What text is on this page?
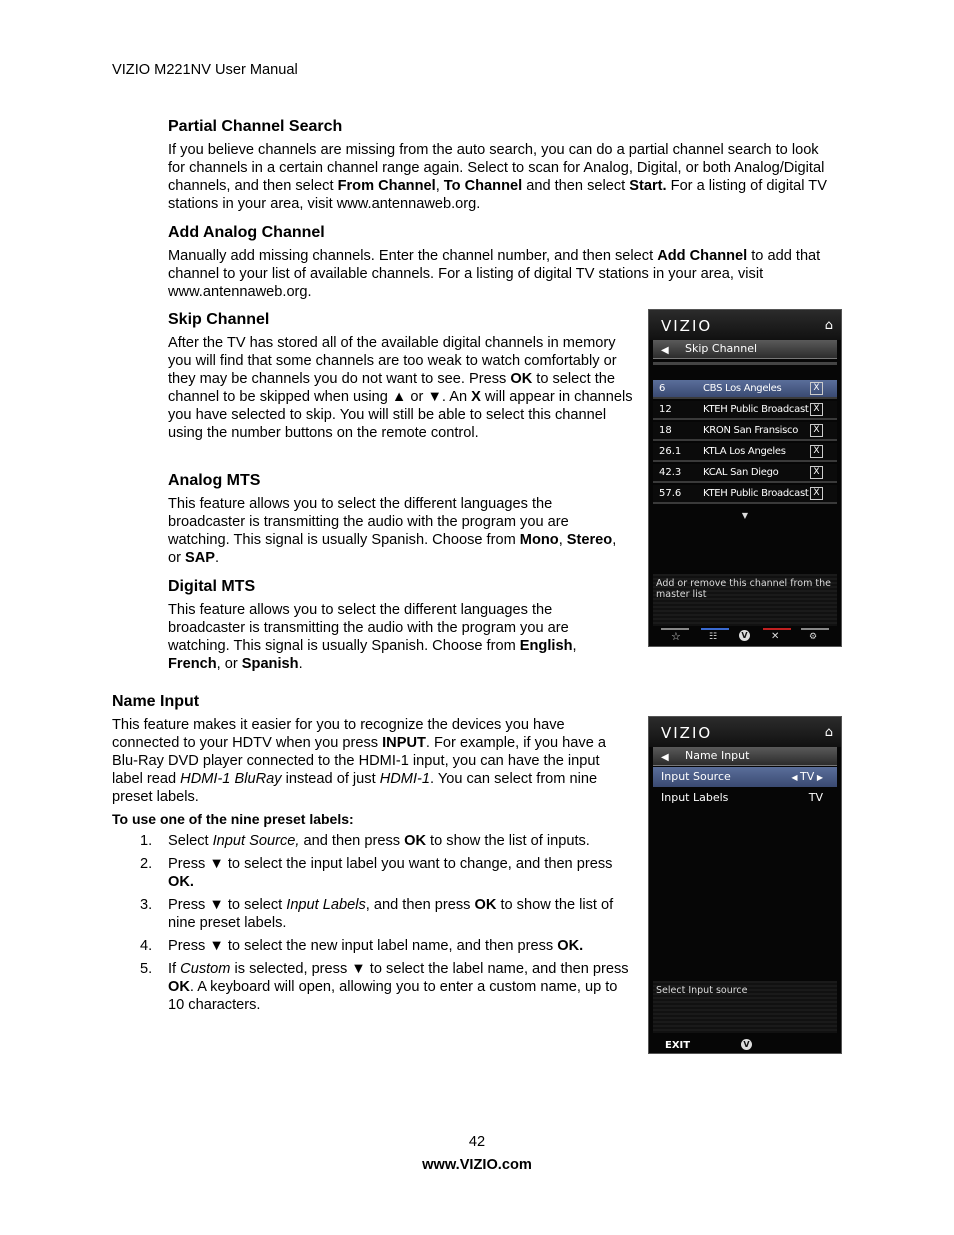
VIZIO M221NV User Manual
Partial Channel Search

If you believe channels are missing from the auto search, you can do a partial channel search to look for channels in a certain channel range again. Select to scan for Analog, Digital, or both Analog/Digital channels, and then select From Channel, To Channel and then select Start. For a listing of digital TV stations in your area, visit www.antennaweb.org.

Add Analog Channel

Manually add missing channels. Enter the channel number, and then select Add Channel to add that channel to your list of available channels. For a listing of digital TV stations in your area, visit www.antennaweb.org.

Skip Channel

After the TV has stored all of the available digital channels in memory you will find that some channels are too weak to watch comfortably or they may be channels you do not want to see. Press OK to select the channel to be skipped when using ▲ or ▼. An X will appear in channels you have selected to skip. You will still be able to select this channel using the number buttons on the remote control.

Analog MTS

This feature allows you to select the different languages the broadcaster is transmitting the audio with the program you are watching. This signal is usually Spanish. Choose from Mono, Stereo, or SAP.

Digital MTS

This feature allows you to select the different languages the broadcaster is transmitting the audio with the program you are watching. This signal is usually Spanish. Choose from English, French, or Spanish.

Name Input

This feature makes it easier for you to recognize the devices you have connected to your HDTV when you press INPUT. For example, if you have a Blu-Ray DVD player connected to the HDMI-1 input, you can have the input label read HDMI-1 BluRay instead of just HDMI-1. You can select from nine preset labels.

To use one of the nine preset labels:

1. Select Input Source, and then press OK to show the list of inputs.
2. Press ▼ to select the input label you want to change, and then press OK.
3. Press ▼ to select Input Labels, and then press OK to show the list of nine preset labels.
4. Press ▼ to select the new input label name, and then press OK.
5. If Custom is selected, press ▼ to select the label name, and then press OK. A keyboard will open, allowing you to enter a custom name, up to 10 characters.
VIZIO	⌂
◀ Skip Channel
6	CBS Los Angeles	X
12	KTEH Public Broadcast X
18	KRON San Fransisco	X
26.1 KTLA Los Angeles	X
42.3 KCAL San Diego	X
57.6 KTEH Public Broadcast X
▼
Add or remove this channel from the master list
☆	☷	V ✕	⚙
VIZIO	⌂
◀ Name Input
Input Source	◀ TV ▶
Input Labels	TV
Select Input source
EXIT	V
42
www.VIZIO.com
